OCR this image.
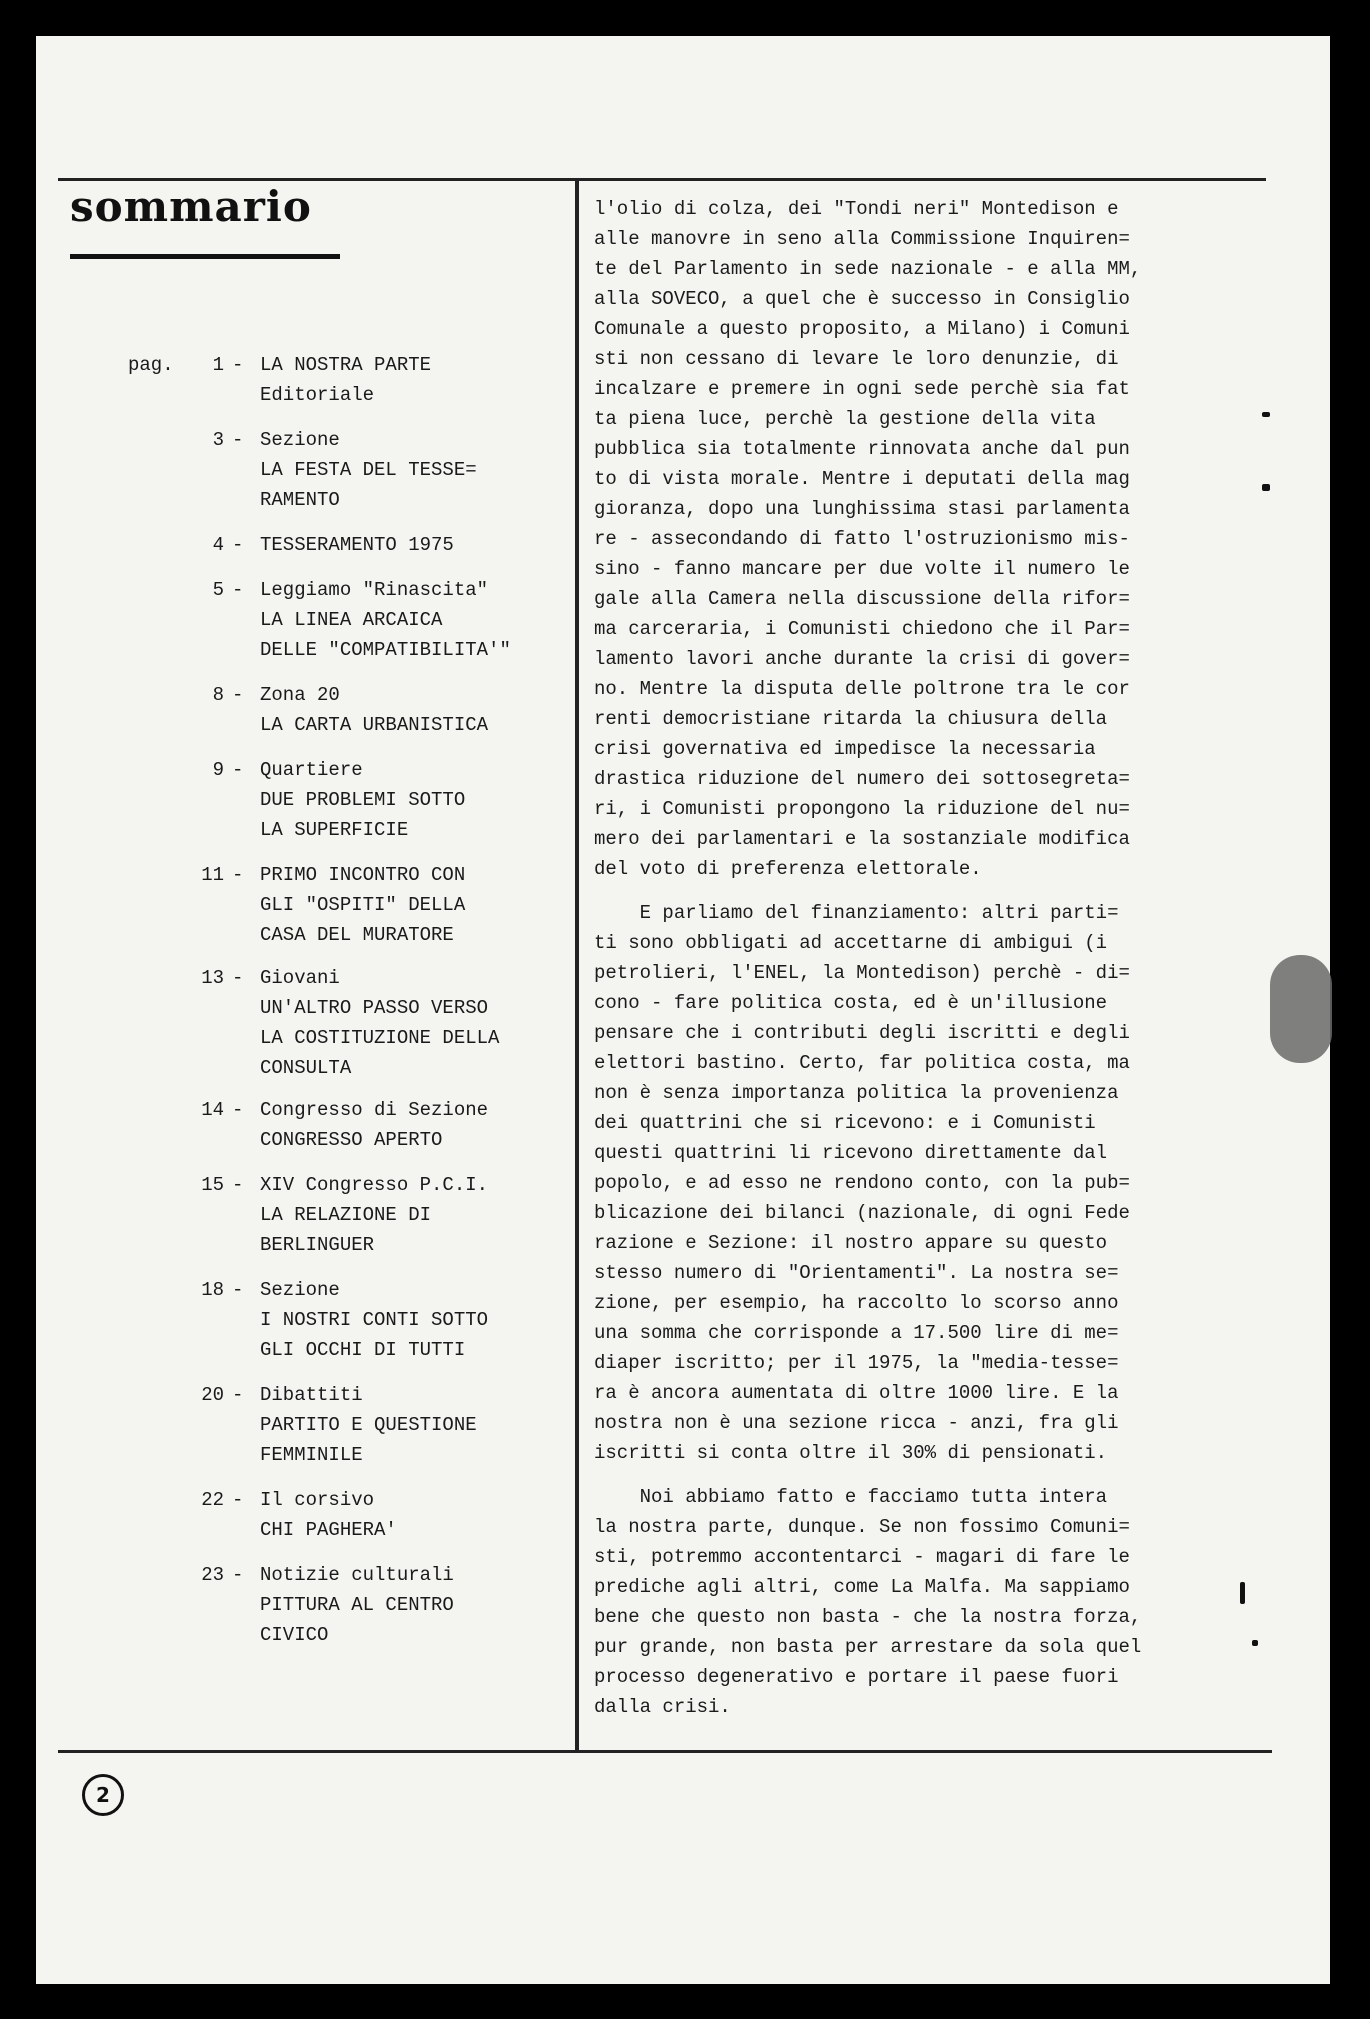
sommario
pag.	1 - LA NOSTRA PARTE
Editoriale
3 - Sezione
LA FESTA DEL TESSE=
RAMENTO
4 - TESSERAMENTO 1975
5 - Leggiamo "Rinascita"
LA LINEA ARCAICA
DELLE "COMPATIBILITA'"
8 - Zona 20
LA CARTA URBANISTICA
9 - Quartiere
DUE PROBLEMI SOTTO
LA SUPERFICIE
11 - PRIMO INCONTRO CON
GLI "OSPITI" DELLA
CASA DEL MURATORE
13 - Giovani
UN'ALTRO PASSO VERSO
LA COSTITUZIONE DELLA
CONSULTA
14 - Congresso di Sezione
CONGRESSO APERTO
15 - XIV Congresso P.C.I.
LA RELAZIONE DI
BERLINGUER
18 - Sezione
I NOSTRI CONTI SOTTO
GLI OCCHI DI TUTTI
20 - Dibattiti
PARTITO E QUESTIONE
FEMMINILE
22 - Il corsivo
CHI PAGHERA'
23 - Notizie culturali
PITTURA AL CENTRO
CIVICO

l'olio di colza, dei "Tondi neri" Montedison e
alle manovre in seno alla Commissione Inquiren=
te del Parlamento in sede nazionale - e alla MM,
alla SOVECO, a quel che è successo in Consiglio
Comunale a questo proposito, a Milano) i Comuni
sti non cessano di levare le loro denunzie, di
incalzare e premere in ogni sede perchè sia fat
ta piena luce, perchè la gestione della vita
pubblica sia totalmente rinnovata anche dal pun
to di vista morale. Mentre i deputati della mag
gioranza, dopo una lunghissima stasi parlamenta
re - assecondando di fatto l'ostruzionismo mis-
sino - fanno mancare per due volte il numero le
gale alla Camera nella discussione della rifor=
ma carceraria, i Comunisti chiedono che il Par=
lamento lavori anche durante la crisi di gover=
no. Mentre la disputa delle poltrone tra le cor
renti democristiane ritarda la chiusura della
crisi governativa ed impedisce la necessaria
drastica riduzione del numero dei sottosegreta=
ri, i Comunisti propongono la riduzione del nu=
mero dei parlamentari e la sostanziale modifica
del voto di preferenza elettorale.

E parliamo del finanziamento: altri parti=
ti sono obbligati ad accettarne di ambigui (i
petrolieri, l'ENEL, la Montedison) perchè - di=
cono - fare politica costa, ed è un'illusione
pensare che i contributi degli iscritti e degli
elettori bastino. Certo, far politica costa, ma
non è senza importanza politica la provenienza
dei quattrini che si ricevono: e i Comunisti
questi quattrini li ricevono direttamente dal
popolo, e ad esso ne rendono conto, con la pub=
blicazione dei bilanci (nazionale, di ogni Fede
razione e Sezione: il nostro appare su questo
stesso numero di "Orientamenti". La nostra se=
zione, per esempio, ha raccolto lo scorso anno
una somma che corrisponde a 17.500 lire di me=
diaper iscritto; per il 1975, la "media-tesse=
ra è ancora aumentata di oltre 1000 lire. E la
nostra non è una sezione ricca - anzi, fra gli
iscritti si conta oltre il 30% di pensionati.

Noi abbiamo fatto e facciamo tutta intera
la nostra parte, dunque. Se non fossimo Comuni=
sti, potremmo accontentarci - magari di fare le
prediche agli altri, come La Malfa. Ma sappiamo
bene che questo non basta - che la nostra forza,
pur grande, non basta per arrestare da sola quel
processo degenerativo e portare il paese fuori
dalla crisi.

2
